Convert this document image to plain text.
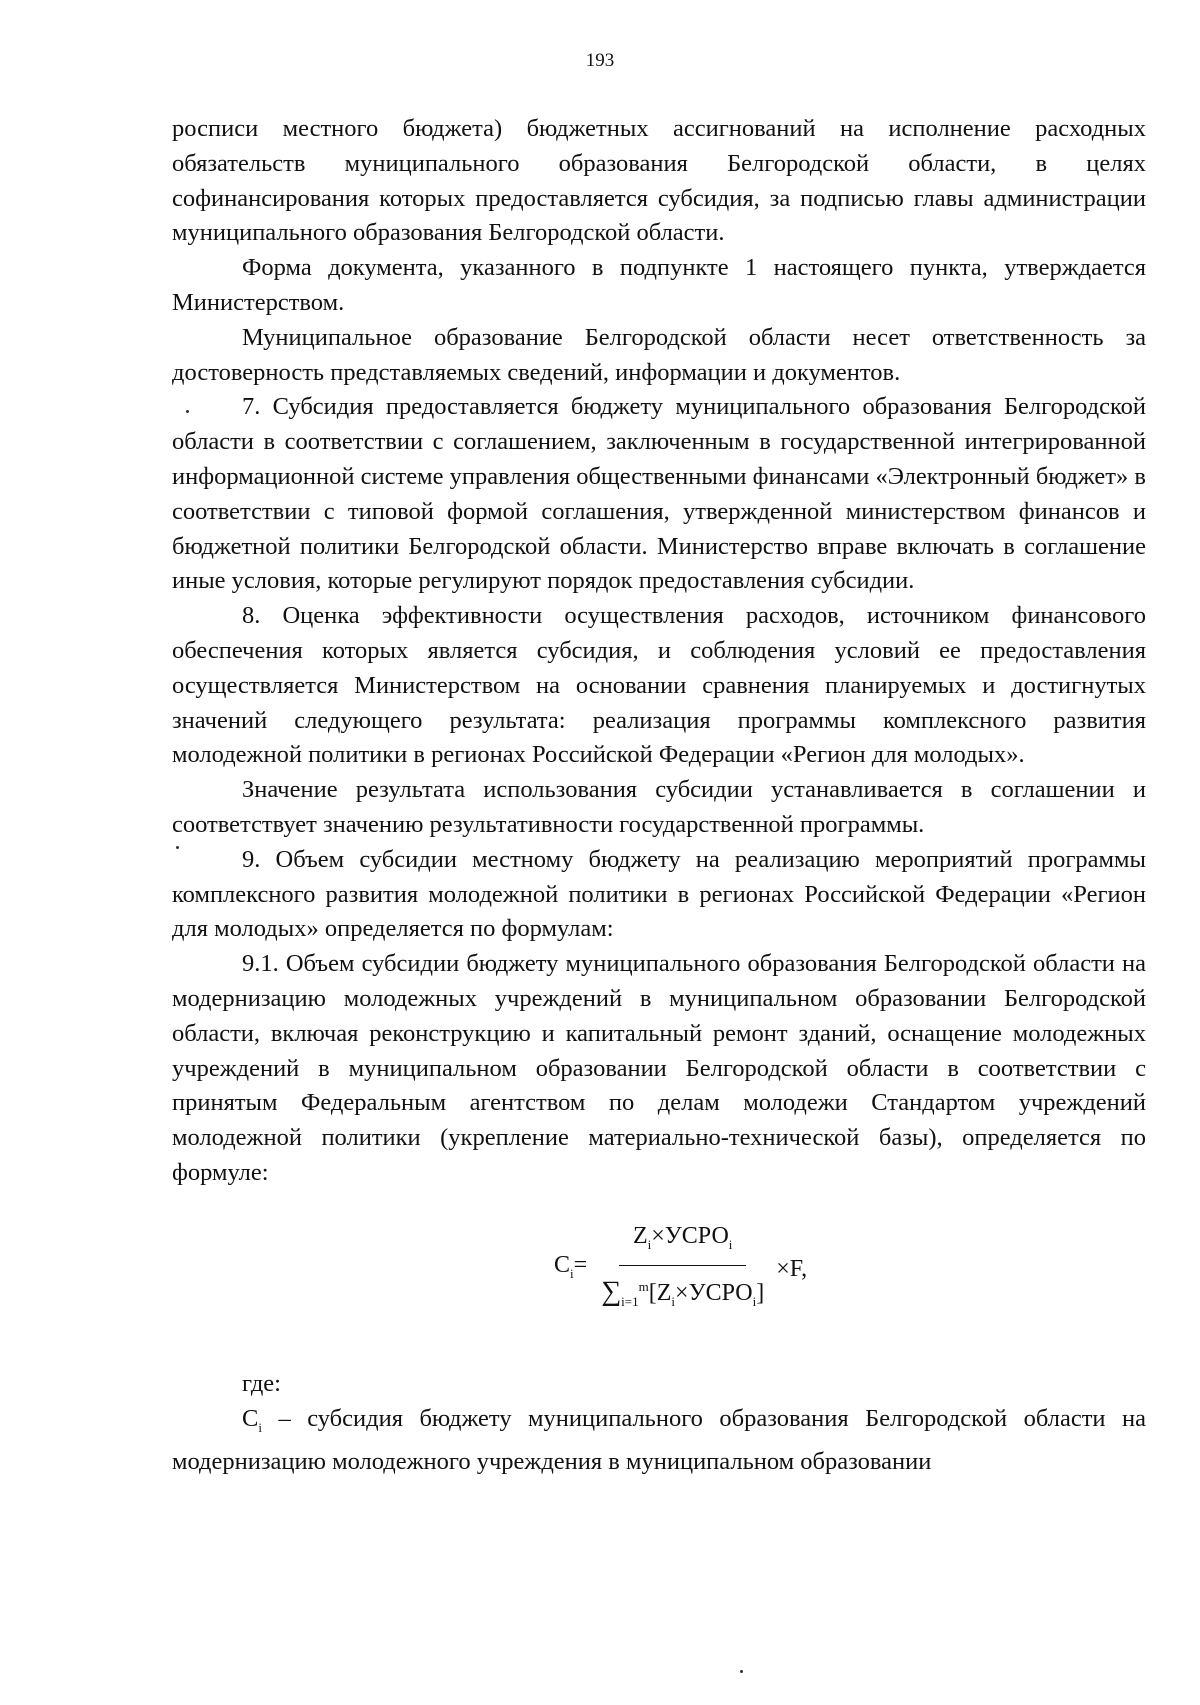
193

росписи местного бюджета) бюджетных ассигнований на исполнение расходных обязательств муниципального образования Белгородской области, в целях софинансирования которых предоставляется субсидия, за подписью главы администрации муниципального образования Белгородской области.

Форма документа, указанного в подпункте 1 настоящего пункта, утверждается Министерством.

Муниципальное образование Белгородской области несет ответственность за достоверность представляемых сведений, информации и документов.

7. Субсидия предоставляется бюджету муниципального образования Белгородской области в соответствии с соглашением, заключенным в государственной интегрированной информационной системе управления общественными финансами «Электронный бюджет» в соответствии с типовой формой соглашения, утвержденной министерством финансов и бюджетной политики Белгородской области. Министерство вправе включать в соглашение иные условия, которые регулируют порядок предоставления субсидии.

8. Оценка эффективности осуществления расходов, источником финансового обеспечения которых является субсидия, и соблюдения условий ее предоставления осуществляется Министерством на основании сравнения планируемых и достигнутых значений следующего результата: реализация программы комплексного развития молодежной политики в регионах Российской Федерации «Регион для молодых».

Значение результата использования субсидии устанавливается в соглашении и соответствует значению результативности государственной программы.

9. Объем субсидии местному бюджету на реализацию мероприятий программы комплексного развития молодежной политики в регионах Российской Федерации «Регион для молодых» определяется по формулам:

9.1. Объем субсидии бюджету муниципального образования Белгородской области на модернизацию молодежных учреждений в муниципальном образовании Белгородской области, включая реконструкцию и капитальный ремонт зданий, оснащение молодежных учреждений в муниципальном образовании Белгородской области в соответствии с принятым Федеральным агентством по делам молодежи Стандартом учреждений молодежной политики (укрепление материально-технической базы), определяется по формуле:

$C_i= \frac{Z_i\times УСРО_i}{\sum_{i=1}^m[Z_i\times УСРО_i]} \times F$,

где:

$C_i$ – субсидия бюджету муниципального образования Белгородской области на модернизацию молодежного учреждения в муниципальном образовании
